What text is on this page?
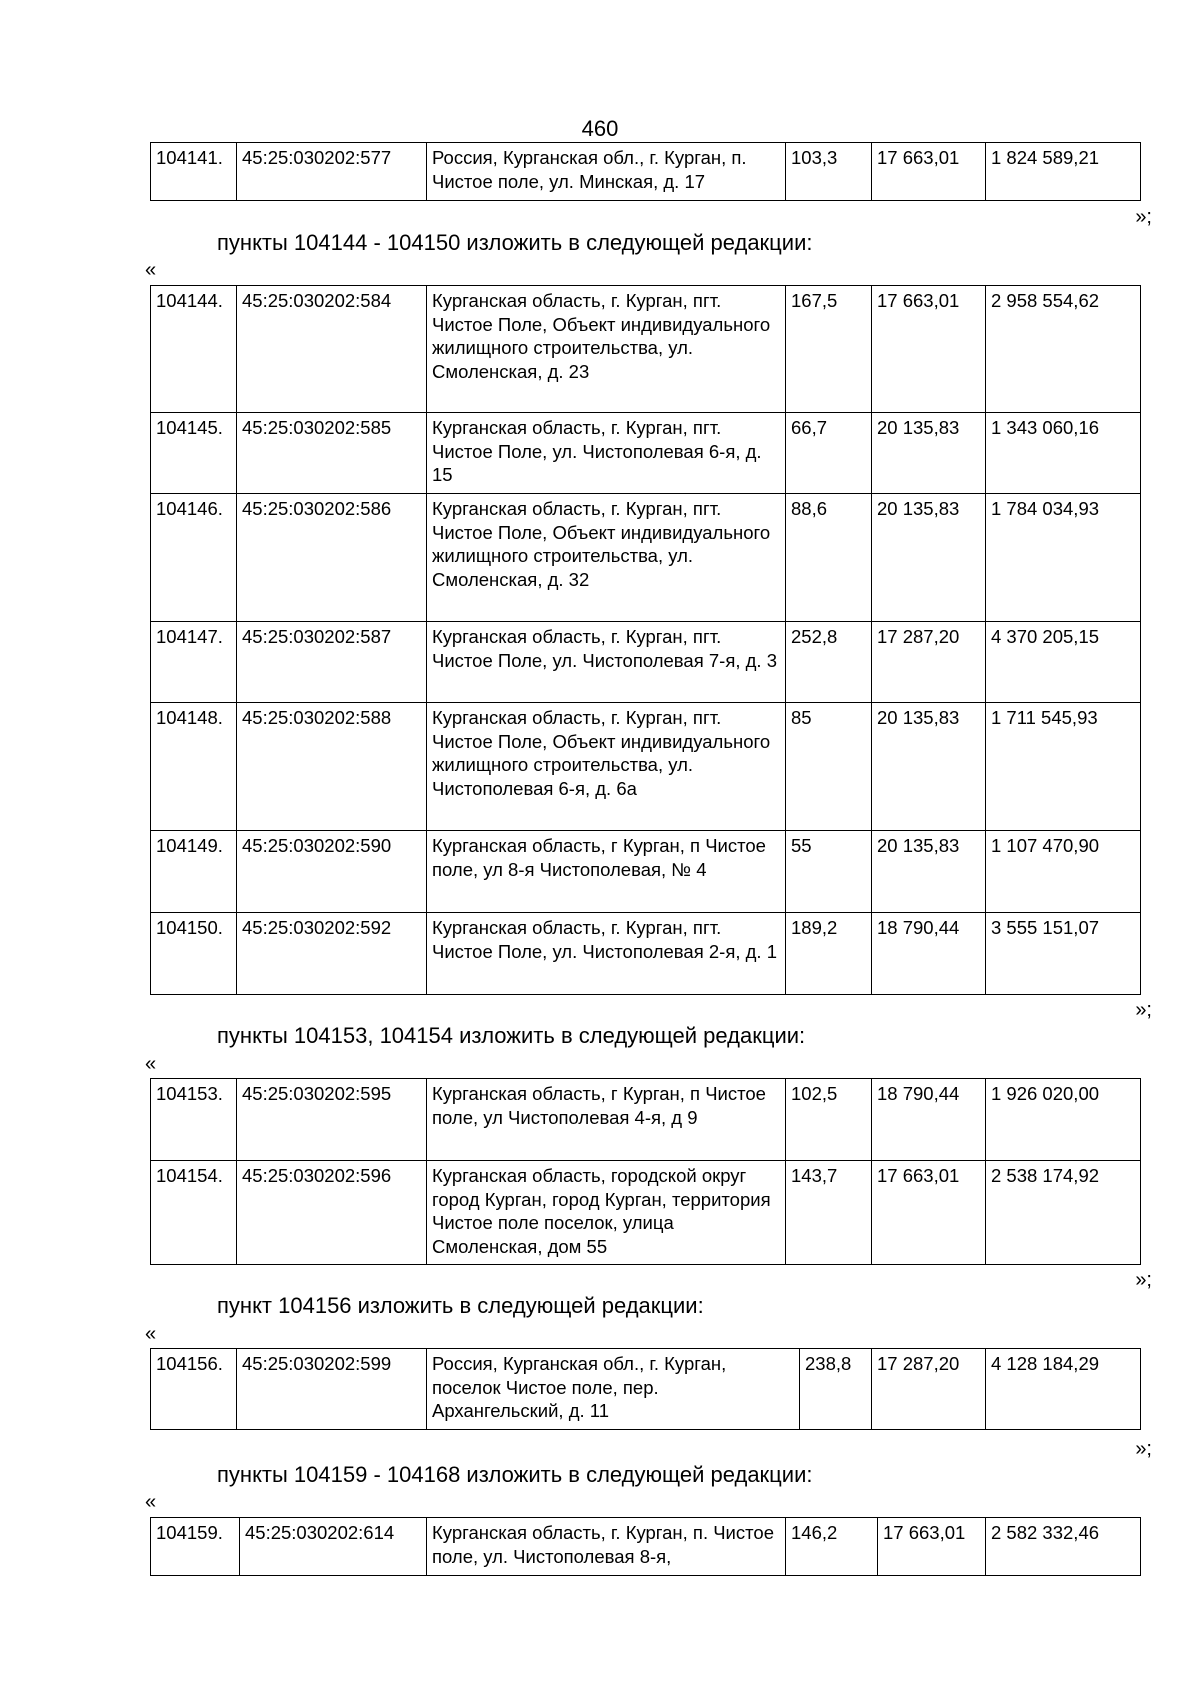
460
104141.	45:25:030202:577	Россия, Курганская обл., г. Курган, п. Чистое поле, ул. Минская, д. 17	103,3	17 663,01	1 824 589,21
»;
пункты 104144 - 104150 изложить в следующей редакции:
«
104144.	45:25:030202:584	Курганская область, г. Курган, пгт. Чистое Поле, Объект индивидуального жилищного строительства, ул. Смоленская, д. 23	167,5	17 663,01	2 958 554,62
104145.	45:25:030202:585	Курганская область, г. Курган, пгт. Чистое Поле, ул. Чистополевая 6-я, д. 15	66,7	20 135,83	1 343 060,16
104146.	45:25:030202:586	Курганская область, г. Курган, пгт. Чистое Поле, Объект индивидуального жилищного строительства, ул. Смоленская, д. 32	88,6	20 135,83	1 784 034,93
104147.	45:25:030202:587	Курганская область, г. Курган, пгт. Чистое Поле, ул. Чистополевая 7-я, д. 3	252,8	17 287,20	4 370 205,15
104148.	45:25:030202:588	Курганская область, г. Курган, пгт. Чистое Поле, Объект индивидуального жилищного строительства, ул. Чистополевая 6-я, д. 6а	85	20 135,83	1 711 545,93
104149.	45:25:030202:590	Курганская область, г Курган, п Чистое поле, ул 8-я Чистополевая, № 4	55	20 135,83	1 107 470,90
104150.	45:25:030202:592	Курганская область, г. Курган, пгт. Чистое Поле, ул. Чистополевая 2-я, д. 1	189,2	18 790,44	3 555 151,07
»;
пункты 104153, 104154 изложить в следующей редакции:
«
104153.	45:25:030202:595	Курганская область, г Курган, п Чистое поле, ул Чистополевая 4-я, д 9	102,5	18 790,44	1 926 020,00
104154.	45:25:030202:596	Курганская область, городской округ город Курган, город Курган, территория Чистое поле поселок, улица Смоленская, дом 55	143,7	17 663,01	2 538 174,92
»;
пункт 104156 изложить в следующей редакции:
«
104156.	45:25:030202:599	Россия, Курганская обл., г. Курган, поселок Чистое поле, пер. Архангельский, д. 11	238,8	17 287,20	4 128 184,29
»;
пункты 104159 - 104168 изложить в следующей редакции:
«
104159.	45:25:030202:614	Курганская область, г. Курган, п. Чистое поле, ул. Чистополевая 8-я,	146,2	17 663,01	2 582 332,46
